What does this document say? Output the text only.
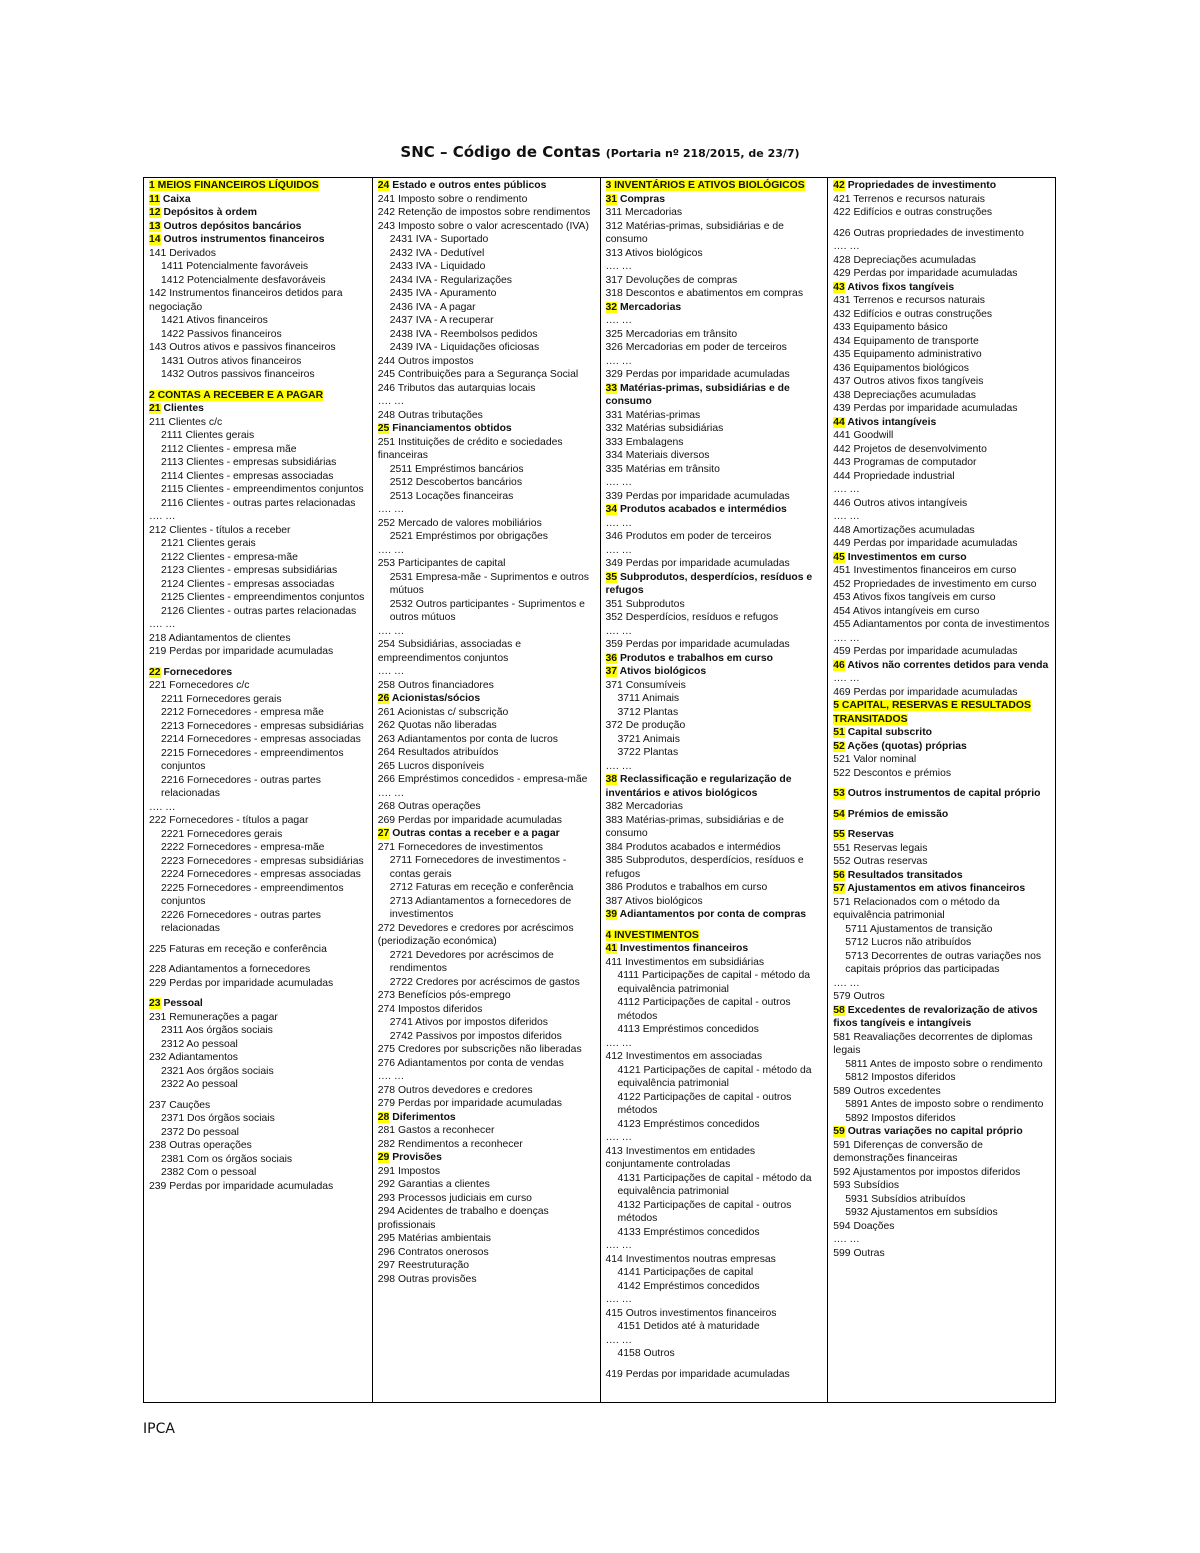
SNC – Código de Contas (Portaria nº 218/2015, de 23/7)
1 MEIOS FINANCEIROS LÍQUIDOS
11 Caixa
12 Depósitos à ordem
13 Outros depósitos bancários
14 Outros instrumentos financeiros
141 Derivados
1411 Potencialmente favoráveis
1412 Potencialmente desfavoráveis
142 Instrumentos financeiros detidos para negociação
1421 Ativos financeiros
1422 Passivos financeiros
143 Outros ativos e passivos financeiros
1431 Outros ativos financeiros
1432 Outros passivos financeiros
2 CONTAS A RECEBER E A PAGAR
21 Clientes
211 Clientes c/c
2111 Clientes gerais
2112 Clientes - empresa mãe
2113 Clientes - empresas subsidiárias
2114 Clientes - empresas associadas
2115 Clientes - empreendimentos conjuntos
2116 Clientes - outras partes relacionadas
…. …
212 Clientes - títulos a receber
2121 Clientes gerais
2122 Clientes - empresa-mãe
2123 Clientes - empresas subsidiárias
2124 Clientes - empresas associadas
2125 Clientes - empreendimentos conjuntos
2126 Clientes - outras partes relacionadas
…. …
218 Adiantamentos de clientes
219 Perdas por imparidade acumuladas
22 Fornecedores
221 Fornecedores c/c
2211 Fornecedores gerais
2212 Fornecedores - empresa mãe
2213 Fornecedores - empresas subsidiárias
2214 Fornecedores - empresas associadas
2215 Fornecedores - empreendimentos conjuntos
2216 Fornecedores - outras partes relacionadas
…. …
222 Fornecedores - títulos a pagar
2221 Fornecedores gerais
2222 Fornecedores - empresa-mãe
2223 Fornecedores - empresas subsidiárias
2224 Fornecedores - empresas associadas
2225 Fornecedores - empreendimentos conjuntos
2226 Fornecedores - outras partes relacionadas
225 Faturas em receção e conferência
228 Adiantamentos a fornecedores
229 Perdas por imparidade acumuladas
23 Pessoal
231 Remunerações a pagar
2311 Aos órgãos sociais
2312 Ao pessoal
232 Adiantamentos
2321 Aos órgãos sociais
2322 Ao pessoal
237 Cauções
2371 Dos órgãos sociais
2372 Do pessoal
238 Outras operações
2381 Com os órgãos sociais
2382 Com o pessoal
239 Perdas por imparidade acumuladas
24 Estado e outros entes públicos
241 Imposto sobre o rendimento
242 Retenção de impostos sobre rendimentos
243 Imposto sobre o valor acrescentado (IVA)
2431 IVA - Suportado
2432 IVA - Dedutível
2433 IVA - Liquidado
2434 IVA - Regularizações
2435 IVA - Apuramento
2436 IVA - A pagar
2437 IVA - A recuperar
2438 IVA - Reembolsos pedidos
2439 IVA - Liquidações oficiosas
244 Outros impostos
245 Contribuições para a Segurança Social
246 Tributos das autarquias locais
…. …
248 Outras tributações
25 Financiamentos obtidos
251 Instituições de crédito e sociedades financeiras
2511 Empréstimos bancários
2512 Descobertos bancários
2513 Locações financeiras
…. …
252 Mercado de valores mobiliários
2521 Empréstimos por obrigações
…. …
253 Participantes de capital
2531 Empresa-mãe - Suprimentos e outros mútuos
2532 Outros participantes - Suprimentos e outros mútuos
…. …
254 Subsidiárias, associadas e empreendimentos conjuntos
…. …
258 Outros financiadores
26 Acionistas/sócios
261 Acionistas c/ subscrição
262 Quotas não liberadas
263 Adiantamentos por conta de lucros
264 Resultados atribuídos
265 Lucros disponíveis
266 Empréstimos concedidos - empresa-mãe
…. …
268 Outras operações
269 Perdas por imparidade acumuladas
27 Outras contas a receber e a pagar
271 Fornecedores de investimentos
2711 Fornecedores de investimentos - contas gerais
2712 Faturas em receção e conferência
2713 Adiantamentos a fornecedores de investimentos
272 Devedores e credores por acréscimos (periodização económica)
2721 Devedores por acréscimos de rendimentos
2722 Credores por acréscimos de gastos
273 Benefícios pós-emprego
274 Impostos diferidos
2741 Ativos por impostos diferidos
2742 Passivos por impostos diferidos
275 Credores por subscrições não liberadas
276 Adiantamentos por conta de vendas
…. …
278 Outros devedores e credores
279 Perdas por imparidade acumuladas
28 Diferimentos
281 Gastos a reconhecer
282 Rendimentos a reconhecer
29 Provisões
291 Impostos
292 Garantias a clientes
293 Processos judiciais em curso
294 Acidentes de trabalho e doenças profissionais
295 Matérias ambientais
296 Contratos onerosos
297 Reestruturação
298 Outras provisões
3 INVENTÁRIOS E ATIVOS BIOLÓGICOS
31 Compras
311 Mercadorias
312 Matérias-primas, subsidiárias e de consumo
313 Ativos biológicos
…. …
317 Devoluções de compras
318 Descontos e abatimentos em compras
32 Mercadorias
…. …
325 Mercadorias em trânsito
326 Mercadorias em poder de terceiros
…. …
329 Perdas por imparidade acumuladas
33 Matérias-primas, subsidiárias e de consumo
331 Matérias-primas
332 Matérias subsidiárias
333 Embalagens
334 Materiais diversos
335 Matérias em trânsito
…. …
339 Perdas por imparidade acumuladas
34 Produtos acabados e intermédios
…. …
346 Produtos em poder de terceiros
…. …
349 Perdas por imparidade acumuladas
35 Subprodutos, desperdícios, resíduos e refugos
351 Subprodutos
352 Desperdícios, resíduos e refugos
…. …
359 Perdas por imparidade acumuladas
36 Produtos e trabalhos em curso
37 Ativos biológicos
371 Consumíveis
3711 Animais
3712 Plantas
372 De produção
3721 Animais
3722 Plantas
…. …
38 Reclassificação e regularização de inventários e ativos biológicos
382 Mercadorias
383 Matérias-primas, subsidiárias e de consumo
384 Produtos acabados e intermédios
385 Subprodutos, desperdícios, resíduos e refugos
386 Produtos e trabalhos em curso
387 Ativos biológicos
39 Adiantamentos por conta de compras
4 INVESTIMENTOS
41 Investimentos financeiros
411 Investimentos em subsidiárias
4111 Participações de capital - método da equivalência patrimonial
4112 Participações de capital - outros métodos
4113 Empréstimos concedidos
…. …
412 Investimentos em associadas
4121 Participações de capital - método da equivalência patrimonial
4122 Participações de capital - outros métodos
4123 Empréstimos concedidos
…. …
413 Investimentos em entidades conjuntamente controladas
4131 Participações de capital - método da equivalência patrimonial
4132 Participações de capital - outros métodos
4133 Empréstimos concedidos
…. …
414 Investimentos noutras empresas
4141 Participações de capital
4142 Empréstimos concedidos
…. …
415 Outros investimentos financeiros
4151 Detidos até à maturidade
…. …
4158 Outros
419 Perdas por imparidade acumuladas
42 Propriedades de investimento
421 Terrenos e recursos naturais
422 Edifícios e outras construções
426 Outras propriedades de investimento
…. …
428 Depreciações acumuladas
429 Perdas por imparidade acumuladas
43 Ativos fixos tangíveis
431 Terrenos e recursos naturais
432 Edifícios e outras construções
433 Equipamento básico
434 Equipamento de transporte
435 Equipamento administrativo
436 Equipamentos biológicos
437 Outros ativos fixos tangíveis
438 Depreciações acumuladas
439 Perdas por imparidade acumuladas
44 Ativos intangíveis
441 Goodwill
442 Projetos de desenvolvimento
443 Programas de computador
444 Propriedade industrial
…. …
446 Outros ativos intangíveis
…. …
448 Amortizações acumuladas
449 Perdas por imparidade acumuladas
45 Investimentos em curso
451 Investimentos financeiros em curso
452 Propriedades de investimento em curso
453 Ativos fixos tangíveis em curso
454 Ativos intangíveis em curso
455 Adiantamentos por conta de investimentos
…. …
459 Perdas por imparidade acumuladas
46 Ativos não correntes detidos para venda
…. …
469 Perdas por imparidade acumuladas
5 CAPITAL, RESERVAS E RESULTADOS TRANSITADOS
51 Capital subscrito
52 Ações (quotas) próprias
521 Valor nominal
522 Descontos e prémios
53 Outros instrumentos de capital próprio
54 Prémios de emissão
55 Reservas
551 Reservas legais
552 Outras reservas
56 Resultados transitados
57 Ajustamentos em ativos financeiros
571 Relacionados com o método da equivalência patrimonial
5711 Ajustamentos de transição
5712 Lucros não atribuídos
5713 Decorrentes de outras variações nos capitais próprios das participadas
…. …
579 Outros
58 Excedentes de revalorização de ativos fixos tangíveis e intangíveis
581 Reavaliações decorrentes de diplomas legais
5811 Antes de imposto sobre o rendimento
5812 Impostos diferidos
589 Outros excedentes
5891 Antes de imposto sobre o rendimento
5892 Impostos diferidos
59 Outras variações no capital próprio
591 Diferenças de conversão de demonstrações financeiras
592 Ajustamentos por impostos diferidos
593 Subsídios
5931 Subsídios atribuídos
5932 Ajustamentos em subsídios
594 Doações
…. …
599 Outras
IPCA
